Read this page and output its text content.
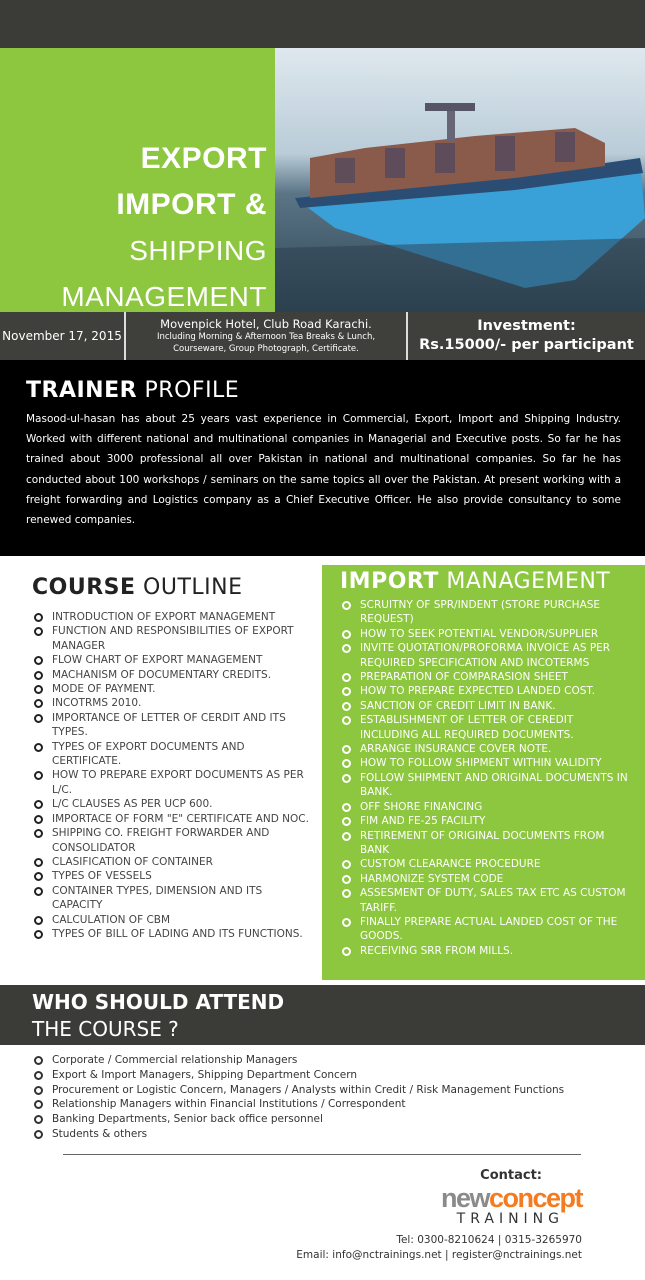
EXPORT
IMPORT &
SHIPPING
MANAGEMENT
November 17, 2015
Movenpick Hotel, Club Road Karachi.
Including Morning & Afternoon Tea Breaks & Lunch,
Courseware, Group Photograph, Certificate.
Investment:
Rs.15000/- per participant
TRAINER PROFILE

Masood-ul-hasan has about 25 years vast experience in Commercial, Export, Import and Shipping Industry. Worked with different national and multinational companies in Managerial and Executive posts. So far he has trained about 3000 professional all over Pakistan in national and multinational companies. So far he has conducted about 100 workshops / seminars on the same topics all over the Pakistan. At present working with a freight forwarding and Logistics company as a Chief Executive Officer. He also provide consultancy to some renewed companies.

COURSE OUTLINE
INTRODUCTION OF EXPORT MANAGEMENT
FUNCTION AND RESPONSIBILITIES OF EXPORT MANAGER
FLOW CHART OF EXPORT MANAGEMENT
MACHANISM OF DOCUMENTARY CREDITS.
MODE OF PAYMENT.
INCOTRMS 2010.
IMPORTANCE OF LETTER OF CERDIT AND ITS TYPES.
TYPES OF EXPORT DOCUMENTS AND CERTIFICATE.
HOW TO PREPARE EXPORT DOCUMENTS AS PER L/C.
L/C CLAUSES AS PER UCP 600.
IMPORTACE OF FORM "E" CERTIFICATE AND NOC.
SHIPPING CO. FREIGHT FORWARDER AND CONSOLIDATOR
CLASIFICATION OF CONTAINER
TYPES OF VESSELS
CONTAINER TYPES, DIMENSION AND ITS CAPACITY
CALCULATION OF CBM
TYPES OF BILL OF LADING AND ITS FUNCTIONS.
IMPORT MANAGEMENT
SCRUITNY OF SPR/INDENT (STORE PURCHASE REQUEST)
HOW TO SEEK POTENTIAL VENDOR/SUPPLIER
INVITE QUOTATION/PROFORMA INVOICE AS PER REQUIRED SPECIFICATION AND INCOTERMS
PREPARATION OF COMPARASION SHEET
HOW TO PREPARE EXPECTED LANDED COST.
SANCTION OF CREDIT LIMIT IN BANK.
ESTABLISHMENT OF LETTER OF CEREDIT INCLUDING ALL REQUIRED DOCUMENTS.
ARRANGE INSURANCE COVER NOTE.
HOW TO FOLLOW SHIPMENT WITHIN VALIDITY
FOLLOW SHIPMENT AND ORIGINAL DOCUMENTS IN BANK.
OFF SHORE FINANCING
FIM AND FE-25 FACILITY
RETIREMENT OF ORIGINAL DOCUMENTS FROM BANK
CUSTOM CLEARANCE PROCEDURE
HARMONIZE SYSTEM CODE
ASSESMENT OF DUTY, SALES TAX ETC AS CUSTOM TARIFF.
FINALLY PREPARE ACTUAL LANDED COST OF THE GOODS.
RECEIVING SRR FROM MILLS.
WHO SHOULD ATTEND
THE COURSE ?
Corporate / Commercial relationship Managers
Export & Import Managers, Shipping Department Concern
Procurement or Logistic Concern, Managers / Analysts within Credit / Risk Management Functions
Relationship Managers within Financial Institutions / Correspondent
Banking Departments, Senior back office personnel
Students & others
Contact:
newconcept
TRAINING
Tel: 0300-8210624 | 0315-3265970
Email: info@nctrainings.net | register@nctrainings.net
